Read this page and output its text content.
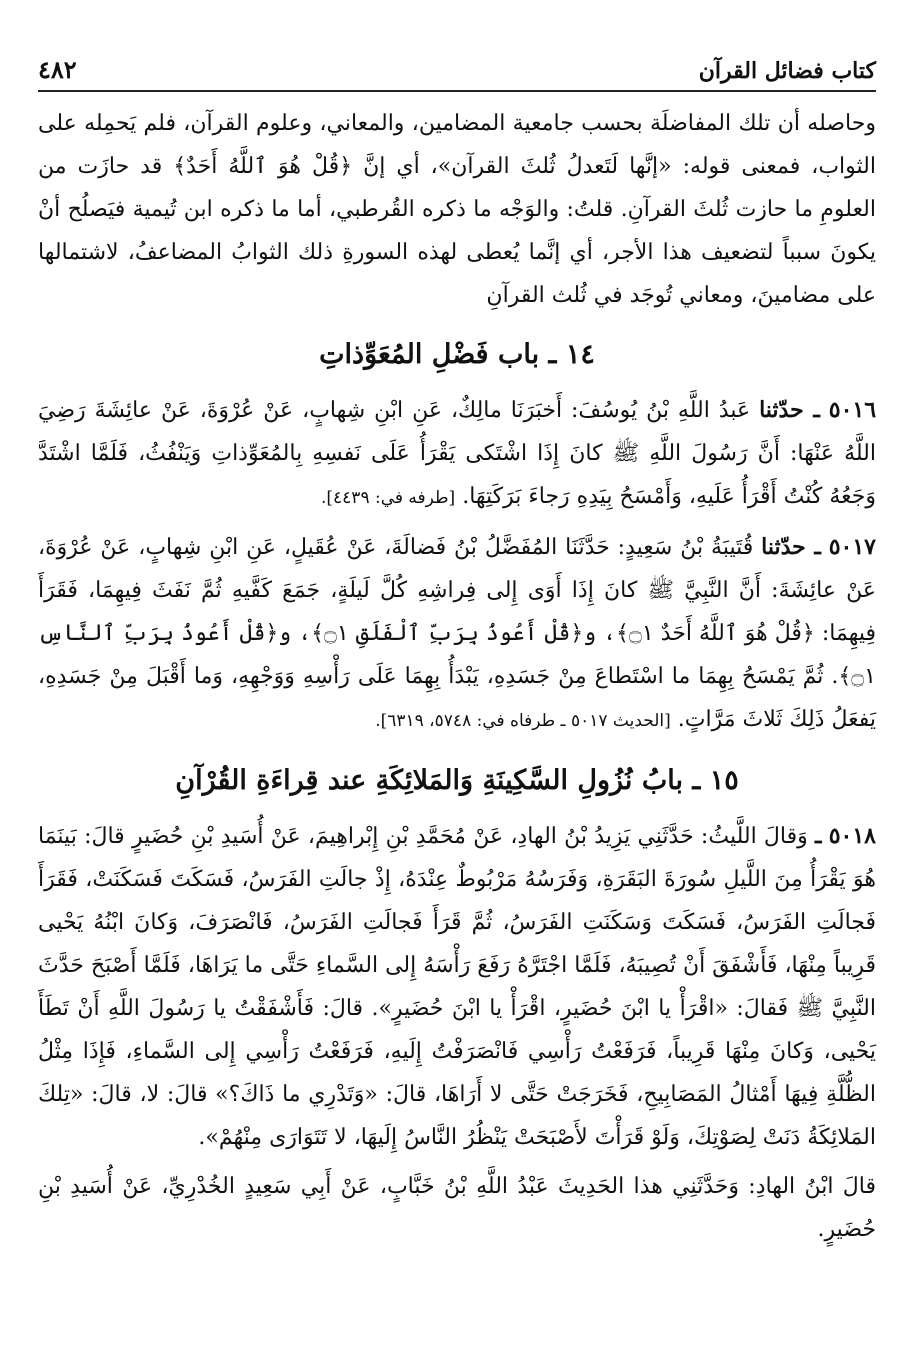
٤٨٢	كتاب فضائل القرآن

وحاصله أن تلك المفاضلَة بحسب جامعية المضامين، والمعاني، وعلوم القرآن، فلم يَحمِله على الثواب، فمعنى قوله: «إنَّها لَتَعدلُ ثُلثَ القرآن»، أي إنَّ ﴿قُلْ هُوَ ٱللَّهُ أَحَدٌ﴾ قد حازَت من العلومِ ما حازت ثُلثَ القرآنِ. قلتُ: والوَجْه ما ذكره القُرطبي، أما ما ذكره ابن تُيمية فيَصلُح أنْ يكونَ سبباً لتضعيف هذا الأجر، أي إنَّما يُعطى لهذه السورةِ ذلك الثوابُ المضاعفُ، لاشتمالها على مضامينَ، ومعاني تُوجَد في ثُلث القرآنِ

١٤ ـ باب فَضْلِ المُعَوِّذاتِ

٥٠١٦ ـ حدّثنا عَبدُ اللَّهِ بْنُ يُوسُفَ: أَخبَرَنَا مالِكٌ، عَنِ ابْنِ شِهابٍ، عَنْ عُرْوَةَ، عَنْ عائِشَةَ رَضِيَ اللَّهُ عَنْهَا: أَنَّ رَسُولَ اللَّهِ ﷺ كانَ إِذَا اشْتَكى يَقْرَأُ عَلَى نَفسِهِ بِالمُعَوِّذاتِ وَيَنْفُثُ، فَلَمَّا اشْتَدَّ وَجَعُهُ كُنْتُ أَقْرَأُ عَلَيهِ، وَأَمْسَحُ بِيَدِهِ رَجاءَ بَرَكَتِهَا. [طرفه في: ٤٤٣٩].

٥٠١٧ ـ حدّثنا قُتَيبَةُ بْنُ سَعِيدٍ: حَدَّثَنَا المُفَضَّلُ بْنُ فَضالَةَ، عَنْ عُقَيلٍ، عَنِ ابْنِ شِهابٍ، عَنْ عُرْوَةَ، عَنْ عائِشَةَ: أَنَّ النَّبِيَّ ﷺ كانَ إِذَا أَوَى إِلى فِراشِهِ كُلَّ لَيلَةٍ، جَمَعَ كَفَّيهِ ثُمَّ نَفَثَ فِيهِمَا، فَقَرَأَ فِيهِمَا: ﴿قُلْ هُوَ ٱللَّهُ أَحَدٌ ۝١﴾، و﴿قُلْ أَعُوذُ بِرَبِّ ٱلْفَلَقِ ۝١﴾، و﴿قُلْ أَعُوذُ بِرَبِّ ٱلنَّاسِ ۝١﴾. ثُمَّ يَمْسَحُ بِهِمَا ما اسْتَطاعَ مِنْ جَسَدِهِ، يَبْدَأُ بِهِمَا عَلَى رَأْسِهِ وَوَجْهِهِ، وَما أَقْبَلَ مِنْ جَسَدِهِ، يَفعَلُ ذَلِكَ ثَلاثَ مَرَّاتٍ. [الحديث ٥٠١٧ ـ طرفاه في: ٥٧٤٨، ٦٣١٩].

١٥ ـ بابُ نُزُولِ السَّكِينَةِ وَالمَلائِكَةِ عند قِراءَةِ القُرْآنِ

٥٠١٨ ـ وَقالَ اللَّيثُ: حَدَّثَنِي يَزِيدُ بْنُ الهادِ، عَنْ مُحَمَّدِ بْنِ إِبْراهِيمَ، عَنْ أُسَيدِ بْنِ حُضَيرٍ قالَ: بَينَمَا هُوَ يَقْرَأُ مِنَ اللَّيلِ سُورَةَ البَقَرَةِ، وَفَرَسُهُ مَرْبُوطٌ عِنْدَهُ، إِذْ جالَتِ الفَرَسُ، فَسَكَتَ فَسَكَنَتْ، فَقَرَأَ فَجالَتِ الفَرَسُ، فَسَكَتَ وَسَكَنَتِ الفَرَسُ، ثُمَّ قَرَأَ فَجالَتِ الفَرَسُ، فَانْصَرَفَ، وَكانَ ابْنُهُ يَحْيى قَرِيباً مِنْهَا، فَأَشْفَقَ أَنْ تُصِيبَهُ، فَلَمَّا اجْتَرَّهُ رَفَعَ رَأْسَهُ إِلى السَّماءِ حَتَّى ما يَرَاهَا، فَلَمَّا أَصْبَحَ حَدَّثَ النَّبِيَّ ﷺ فَقالَ: «اقْرَأْ يا ابْنَ حُضَيرٍ، اقْرَأْ يا ابْنَ حُضَيرٍ». قالَ: فَأَشْفَقْتُ يا رَسُولَ اللَّهِ أَنْ تَطَأَ يَحْيى، وَكانَ مِنْهَا قَرِيباً، فَرَفَعْتُ رَأْسِي فَانْصَرَفْتُ إِلَيهِ، فَرَفَعْتُ رَأْسِي إِلى السَّماءِ، فَإِذَا مِثْلُ الظُّلَّةِ فِيهَا أَمْثالُ المَصَابِيحِ، فَخَرَجَتْ حَتَّى لا أَرَاهَا، قالَ: «وَتَدْرِي ما ذَاكَ؟» قالَ: لا، قالَ: «تِلكَ المَلائِكَةُ دَنَتْ لِصَوْتِكَ، وَلَوْ قَرَأْتَ لأَصْبَحَتْ يَنْظُرُ النَّاسُ إِلَيهَا، لا تَتَوَارَى مِنْهُمْ».

قالَ ابْنُ الهادِ: وَحَدَّثَنِي هذا الحَدِيثَ عَبْدُ اللَّهِ بْنُ خَبَّابٍ، عَنْ أَبِي سَعِيدٍ الخُدْرِيِّ، عَنْ أُسَيدِ بْنِ حُضَيرٍ.
